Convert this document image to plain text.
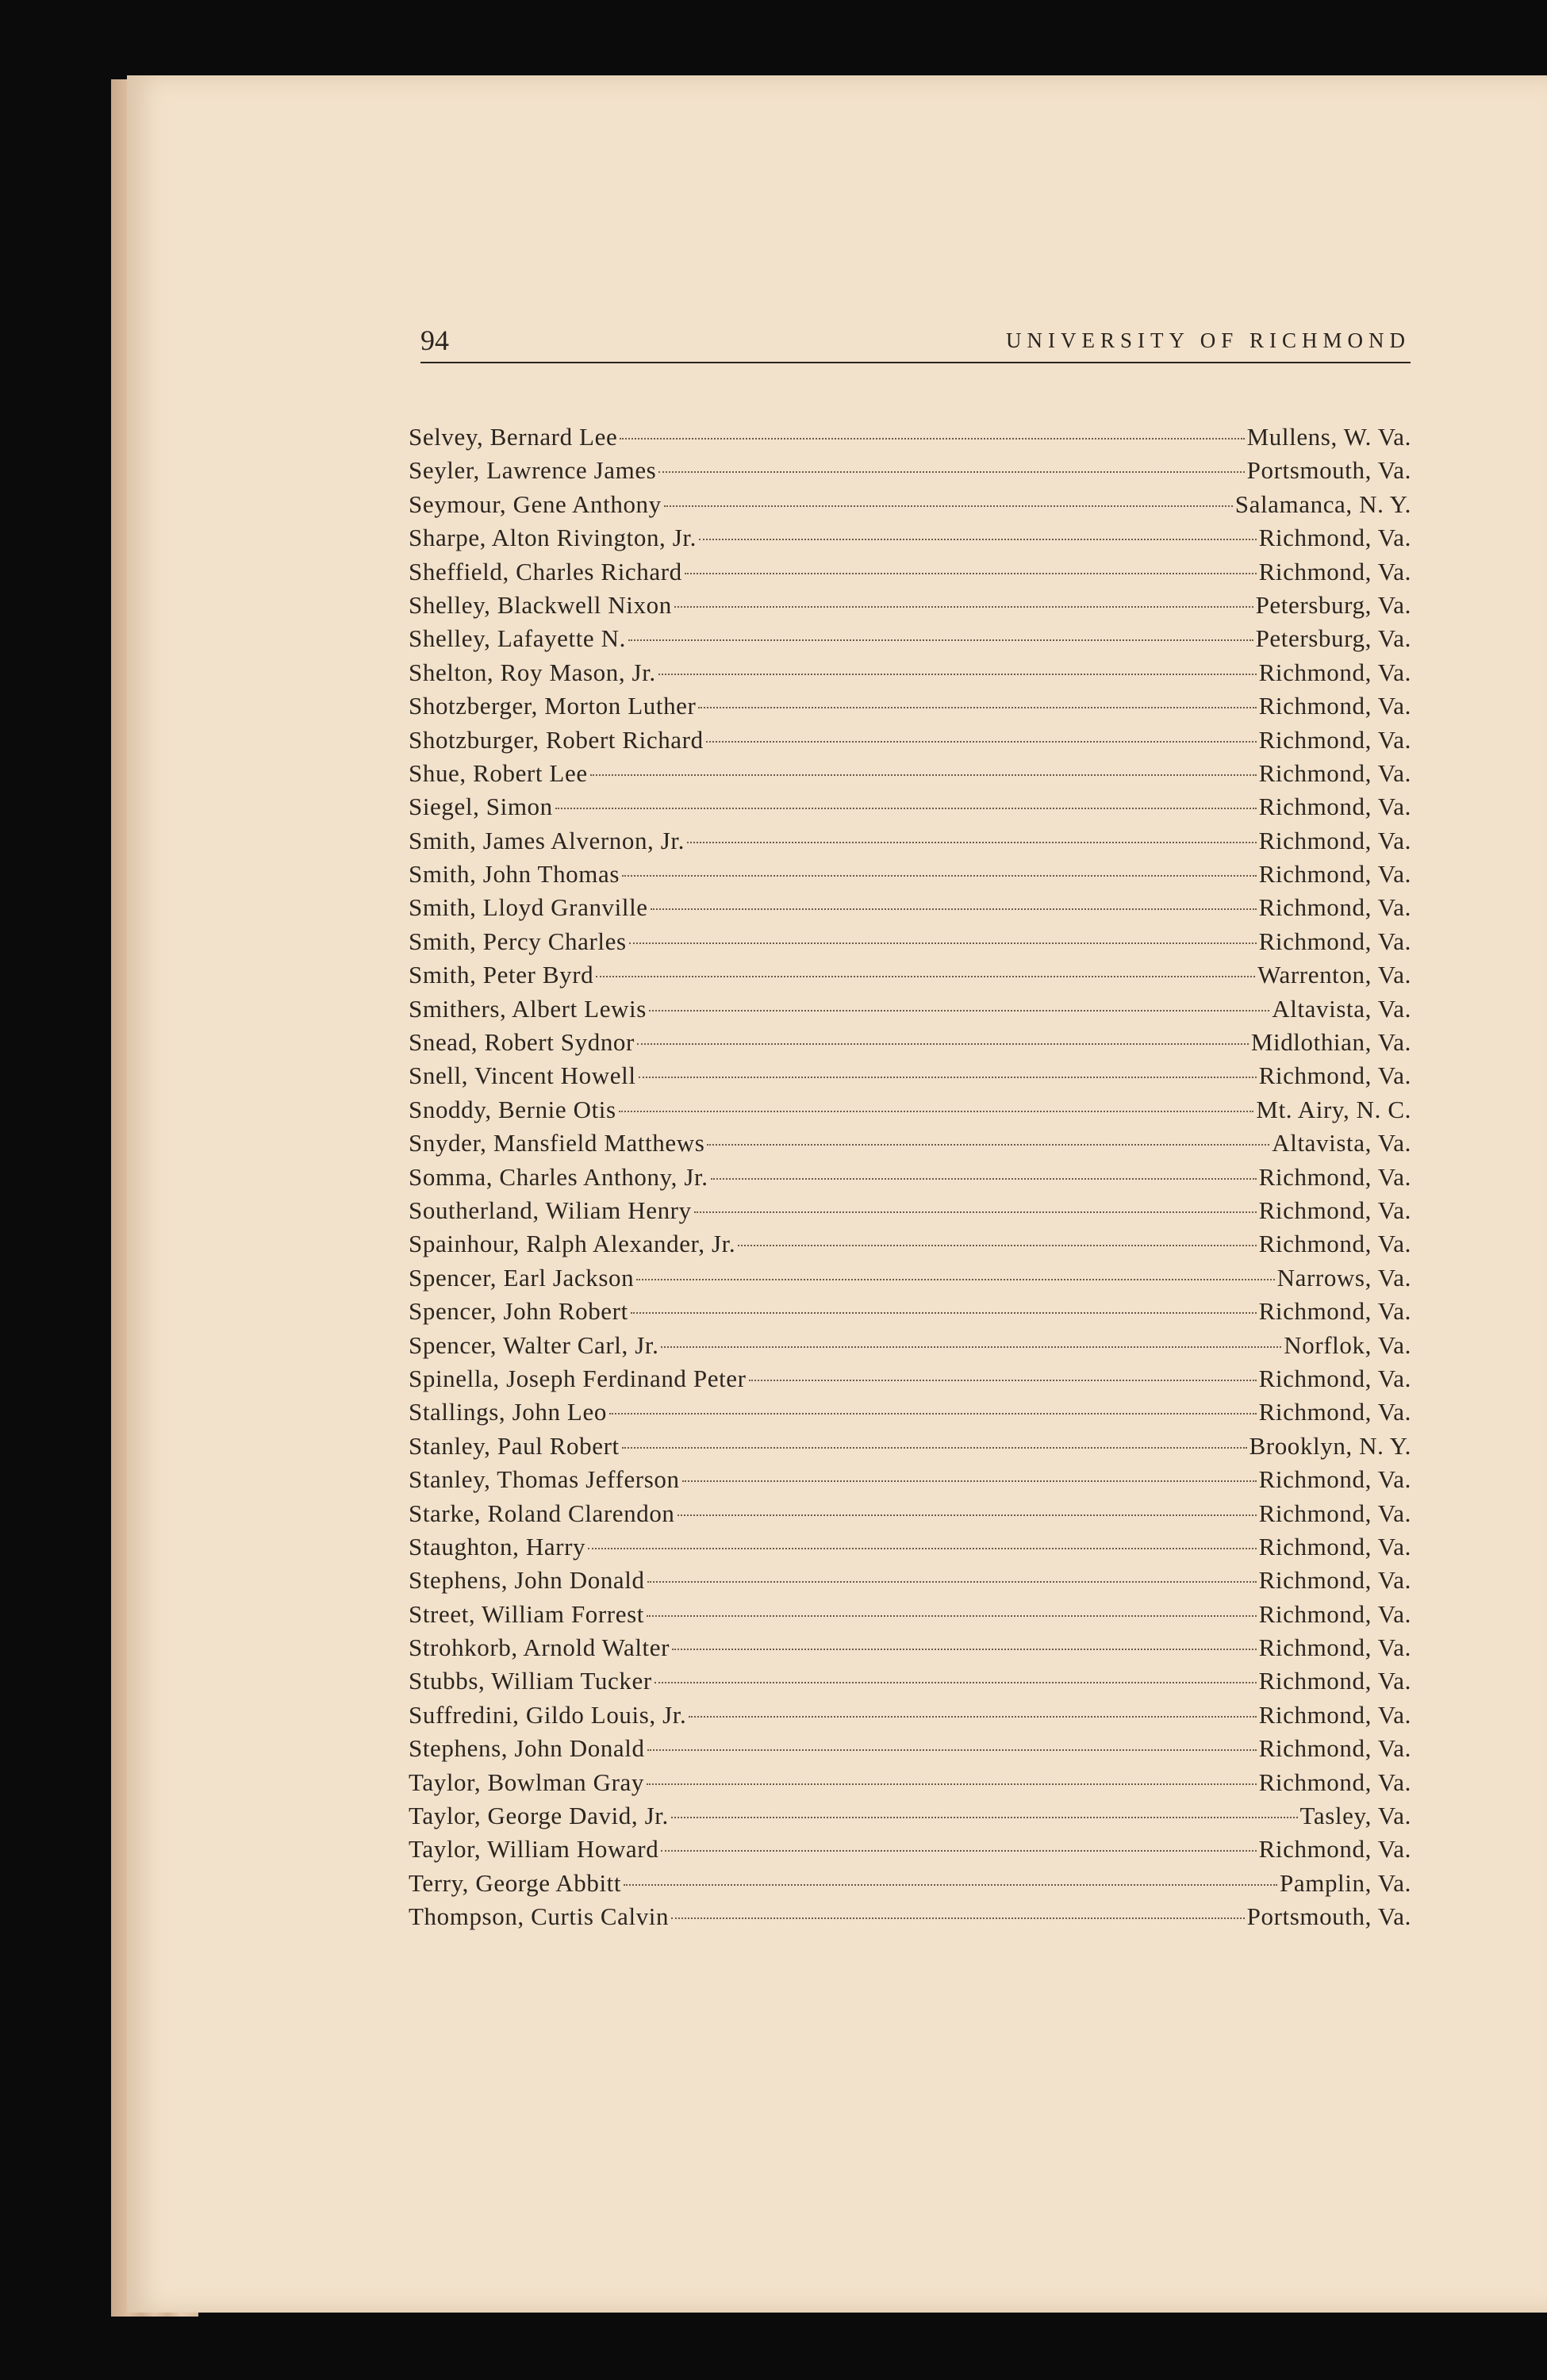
94	UNIVERSITY OF RICHMOND
Selvey, Bernard Lee	Mullens, W. Va.
Seyler, Lawrence James	Portsmouth, Va.
Seymour, Gene Anthony	Salamanca, N. Y.
Sharpe, Alton Rivington, Jr.	Richmond, Va.
Sheffield, Charles Richard	Richmond, Va.
Shelley, Blackwell Nixon	Petersburg, Va.
Shelley, Lafayette N.	Petersburg, Va.
Shelton, Roy Mason, Jr.	Richmond, Va.
Shotzberger, Morton Luther	Richmond, Va.
Shotzburger, Robert Richard	Richmond, Va.
Shue, Robert Lee	Richmond, Va.
Siegel, Simon	Richmond, Va.
Smith, James Alvernon, Jr.	Richmond, Va.
Smith, John Thomas	Richmond, Va.
Smith, Lloyd Granville	Richmond, Va.
Smith, Percy Charles	Richmond, Va.
Smith, Peter Byrd	Warrenton, Va.
Smithers, Albert Lewis	Altavista, Va.
Snead, Robert Sydnor	Midlothian, Va.
Snell, Vincent Howell	Richmond, Va.
Snoddy, Bernie Otis	Mt. Airy, N. C.
Snyder, Mansfield Matthews	Altavista, Va.
Somma, Charles Anthony, Jr.	Richmond, Va.
Southerland, Wiliam Henry	Richmond, Va.
Spainhour, Ralph Alexander, Jr.	Richmond, Va.
Spencer, Earl Jackson	Narrows, Va.
Spencer, John Robert	Richmond, Va.
Spencer, Walter Carl, Jr.	Norflok, Va.
Spinella, Joseph Ferdinand Peter	Richmond, Va.
Stallings, John Leo	Richmond, Va.
Stanley, Paul Robert	Brooklyn, N. Y.
Stanley, Thomas Jefferson	Richmond, Va.
Starke, Roland Clarendon	Richmond, Va.
Staughton, Harry	Richmond, Va.
Stephens, John Donald	Richmond, Va.
Street, William Forrest	Richmond, Va.
Strohkorb, Arnold Walter	Richmond, Va.
Stubbs, William Tucker	Richmond, Va.
Suffredini, Gildo Louis, Jr.	Richmond, Va.
Stephens, John Donald	Richmond, Va.
Taylor, Bowlman Gray	Richmond, Va.
Taylor, George David, Jr.	Tasley, Va.
Taylor, William Howard	Richmond, Va.
Terry, George Abbitt	Pamplin, Va.
Thompson, Curtis Calvin	Portsmouth, Va.
